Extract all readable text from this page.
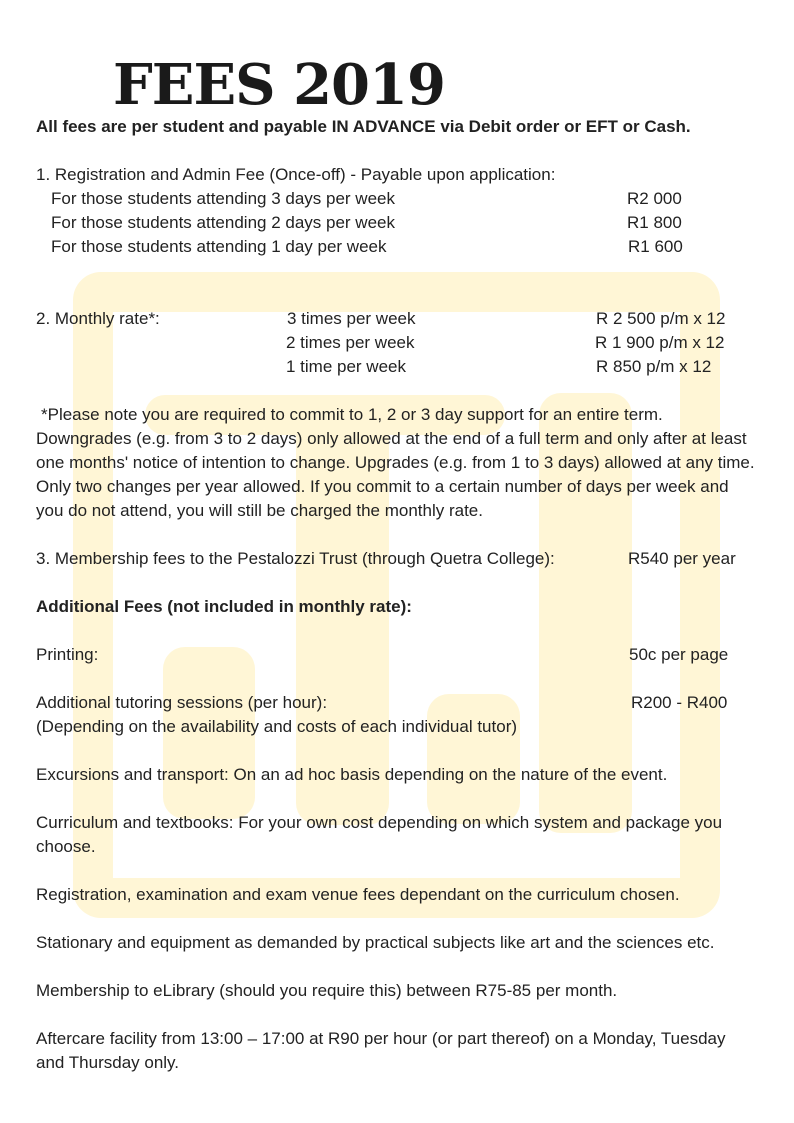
FEES 2019
All fees are per student and payable IN ADVANCE via Debit order or EFT or Cash.
1. Registration and Admin Fee (Once-off) - Payable upon application:
For those students attending 3 days per week	R2 000
For those students attending 2 days per week	R1 800
For those students attending 1 day per week	R1 600
2. Monthly rate*:	3 times per week	R 2 500 p/m x 12
2 times per week	R 1 900 p/m x 12
1 time per week	R 850 p/m x 12
*Please note you are required to commit to 1, 2 or 3 day support for an entire term. Downgrades (e.g. from 3 to 2 days) only allowed at the end of a full term and only after at least one months' notice of intention to change. Upgrades (e.g. from 1 to 3 days) allowed at any time. Only two changes per year allowed. If you commit to a certain number of days per week and you do not attend, you will still be charged the monthly rate.
3. Membership fees to the Pestalozzi Trust (through Quetra College):	R540 per year
Additional Fees (not included in monthly rate):
Printing:	50c per page
Additional tutoring sessions (per hour):	R200 - R400
(Depending on the availability and costs of each individual tutor)
Excursions and transport: On an ad hoc basis depending on the nature of the event.
Curriculum and textbooks: For your own cost depending on which system and package you choose.
Registration, examination and exam venue fees dependant on the curriculum chosen.
Stationary and equipment as demanded by practical subjects like art and the sciences etc.
Membership to eLibrary (should you require this) between R75-85 per month.
Aftercare facility from 13:00 – 17:00 at R90 per hour (or part thereof) on a Monday, Tuesday and Thursday only.
